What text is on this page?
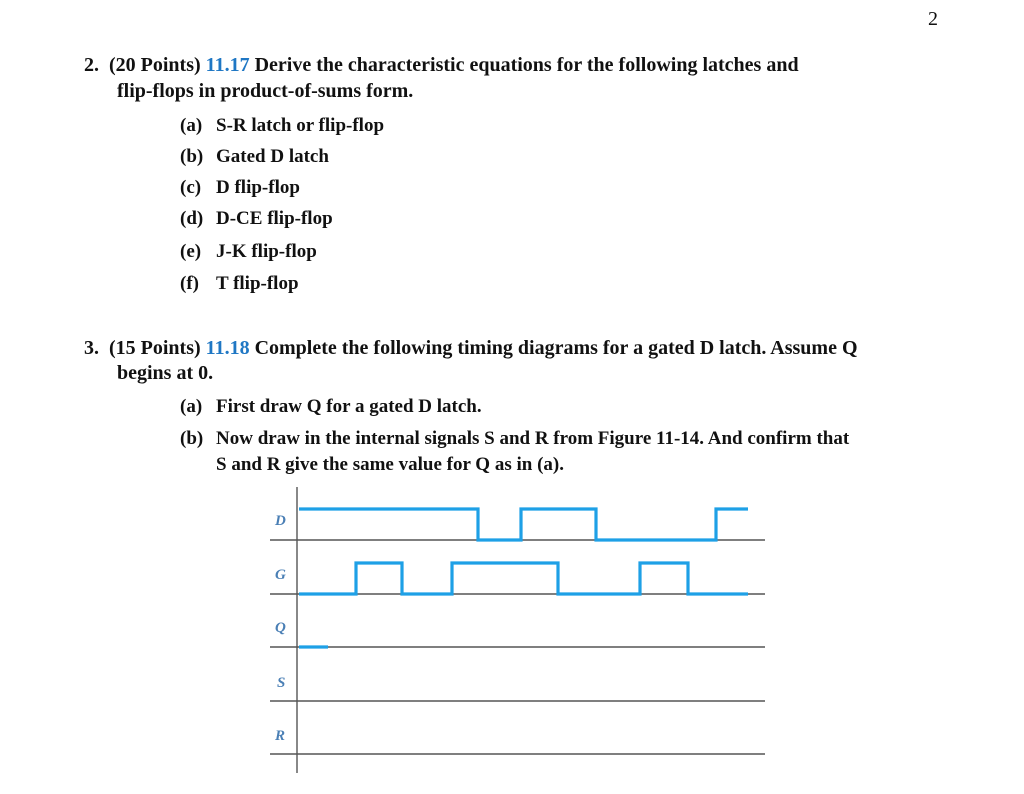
2
2. (20 Points) 11.17 Derive the characteristic equations for the following latches and
flip-flops in product-of-sums form.
(a) S-R latch or flip-flop
(b) Gated D latch
(c) D flip-flop
(d) D-CE flip-flop
(e) J-K flip-flop
(f) T flip-flop
3. (15 Points) 11.18 Complete the following timing diagrams for a gated D latch. Assume Q
begins at 0.
(a) First draw Q for a gated D latch.
(b) Now draw in the internal signals S and R from Figure 11-14. And confirm that
S and R give the same value for Q as in (a).
D
G
Q
S
R
